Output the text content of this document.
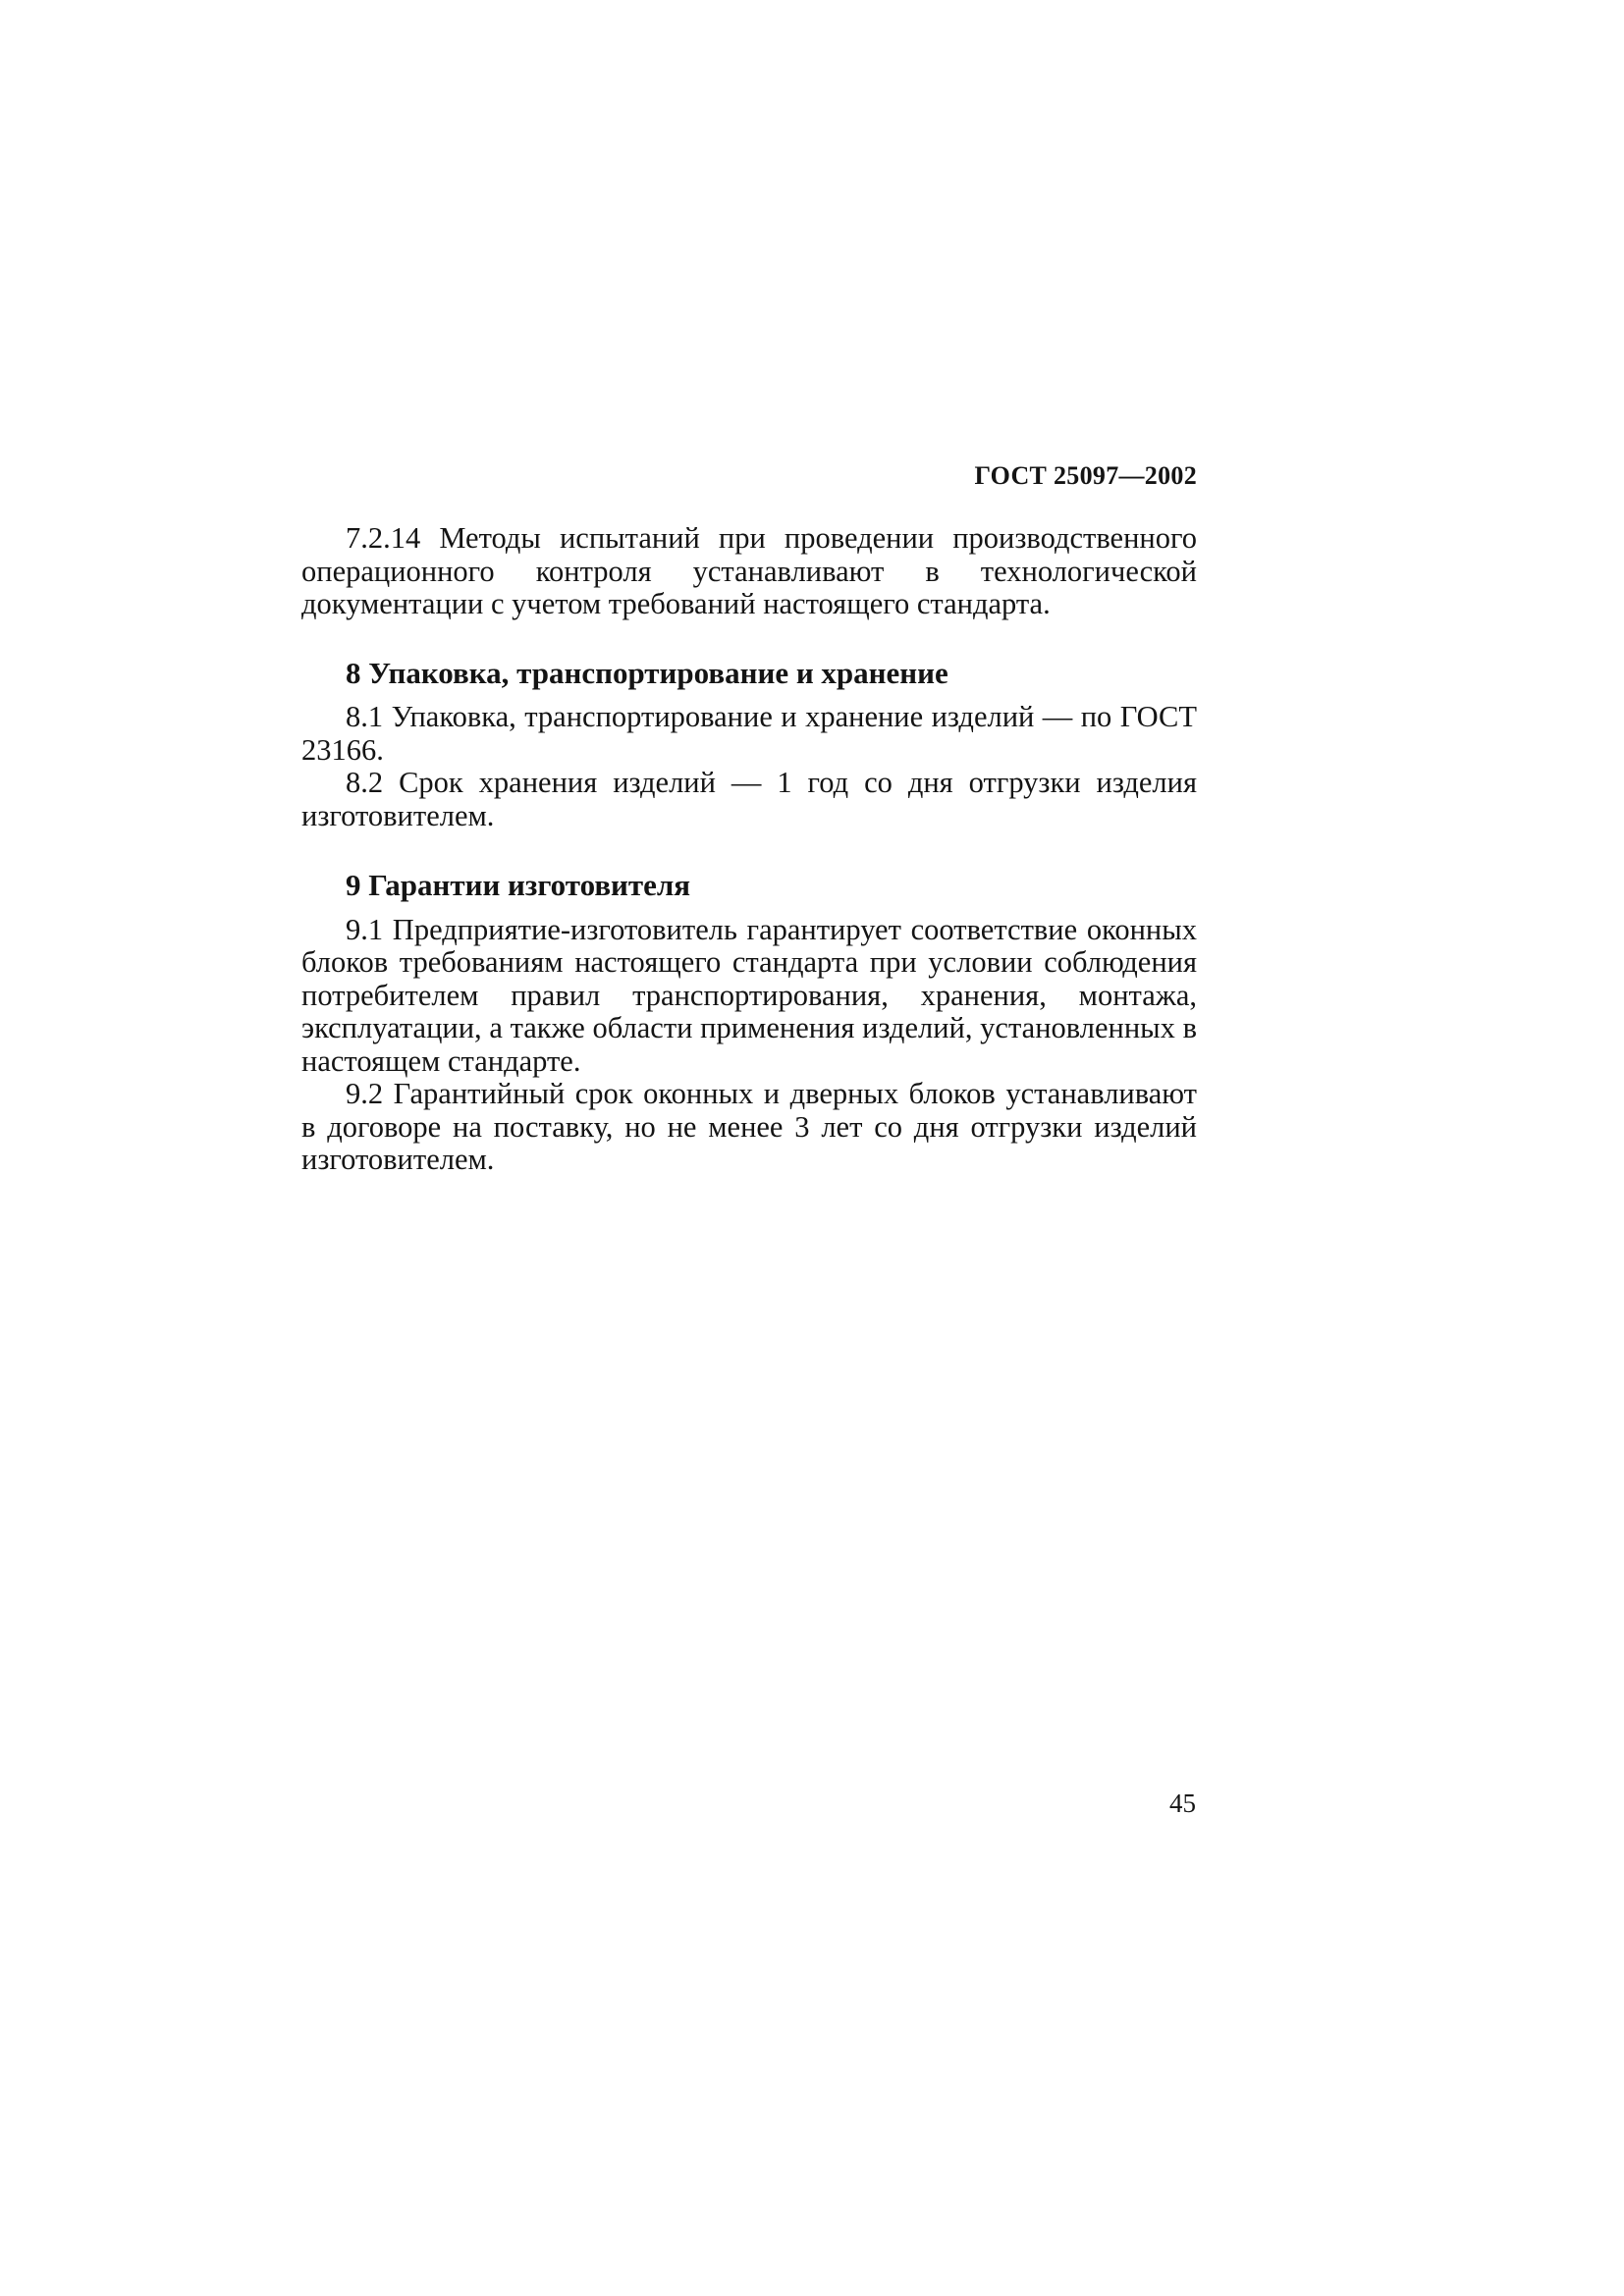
ГОСТ 25097—2002

7.2.14 Методы испытаний при проведении производственного операционного контроля устанавливают в технологической документации с учетом требований настоящего стандарта.

8 Упаковка, транспортирование и хранение

8.1 Упаковка, транспортирование и хранение изделий — по ГОСТ 23166.

8.2 Срок хранения изделий — 1 год со дня отгрузки изделия изготовителем.

9 Гарантии изготовителя

9.1 Предприятие-изготовитель гарантирует соответствие оконных блоков требованиям настоящего стандарта при условии соблюдения потребителем правил транспортирования, хранения, монтажа, эксплуатации, а также области применения изделий, установленных в настоящем стандарте.

9.2 Гарантийный срок оконных и дверных блоков устанавливают в договоре на поставку, но не менее 3 лет со дня отгрузки изделий изготовителем.

45
